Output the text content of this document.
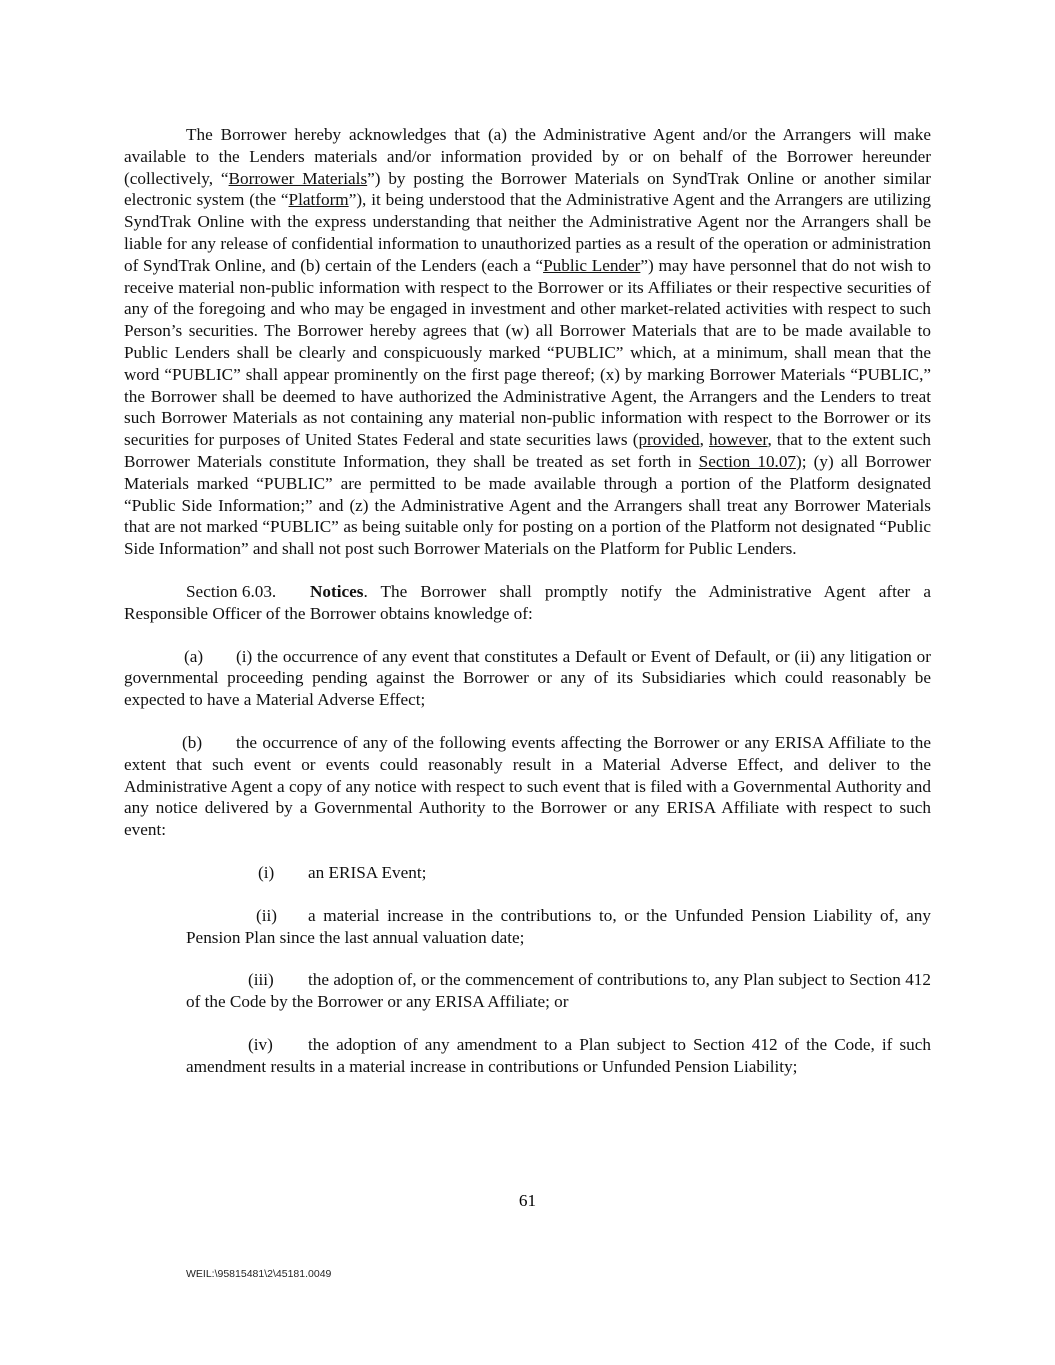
The Borrower hereby acknowledges that (a) the Administrative Agent and/or the Arrangers will make available to the Lenders materials and/or information provided by or on behalf of the Borrower hereunder (collectively, “Borrower Materials”) by posting the Borrower Materials on SyndTrak Online or another similar electronic system (the “Platform”), it being understood that the Administrative Agent and the Arrangers are utilizing SyndTrak Online with the express understanding that neither the Administrative Agent nor the Arrangers shall be liable for any release of confidential information to unauthorized parties as a result of the operation or administration of SyndTrak Online, and (b) certain of the Lenders (each a “Public Lender”) may have personnel that do not wish to receive material non-public information with respect to the Borrower or its Affiliates or their respective securities of any of the foregoing and who may be engaged in investment and other market-related activities with respect to such Person’s securities. The Borrower hereby agrees that (w) all Borrower Materials that are to be made available to Public Lenders shall be clearly and conspicuously marked “PUBLIC” which, at a minimum, shall mean that the word “PUBLIC” shall appear prominently on the first page thereof; (x) by marking Borrower Materials “PUBLIC,” the Borrower shall be deemed to have authorized the Administrative Agent, the Arrangers and the Lenders to treat such Borrower Materials as not containing any material non-public information with respect to the Borrower or its securities for purposes of United States Federal and state securities laws (provided, however, that to the extent such Borrower Materials constitute Information, they shall be treated as set forth in Section 10.07); (y) all Borrower Materials marked “PUBLIC” are permitted to be made available through a portion of the Platform designated “Public Side Information;” and (z) the Administrative Agent and the Arrangers shall treat any Borrower Materials that are not marked “PUBLIC” as being suitable only for posting on a portion of the Platform not designated “Public Side Information” and shall not post such Borrower Materials on the Platform for Public Lenders.

Section 6.03. Notices. The Borrower shall promptly notify the Administrative Agent after a Responsible Officer of the Borrower obtains knowledge of:

(a) (i) the occurrence of any event that constitutes a Default or Event of Default, or (ii) any litigation or governmental proceeding pending against the Borrower or any of its Subsidiaries which could reasonably be expected to have a Material Adverse Effect;

(b) the occurrence of any of the following events affecting the Borrower or any ERISA Affiliate to the extent that such event or events could reasonably result in a Material Adverse Effect, and deliver to the Administrative Agent a copy of any notice with respect to such event that is filed with a Governmental Authority and any notice delivered by a Governmental Authority to the Borrower or any ERISA Affiliate with respect to such event:

(i) an ERISA Event;

(ii) a material increase in the contributions to, or the Unfunded Pension Liability of, any Pension Plan since the last annual valuation date;

(iii) the adoption of, or the commencement of contributions to, any Plan subject to Section 412 of the Code by the Borrower or any ERISA Affiliate; or

(iv) the adoption of any amendment to a Plan subject to Section 412 of the Code, if such amendment results in a material increase in contributions or Unfunded Pension Liability;

61
WEIL:\95815481\2\45181.0049
